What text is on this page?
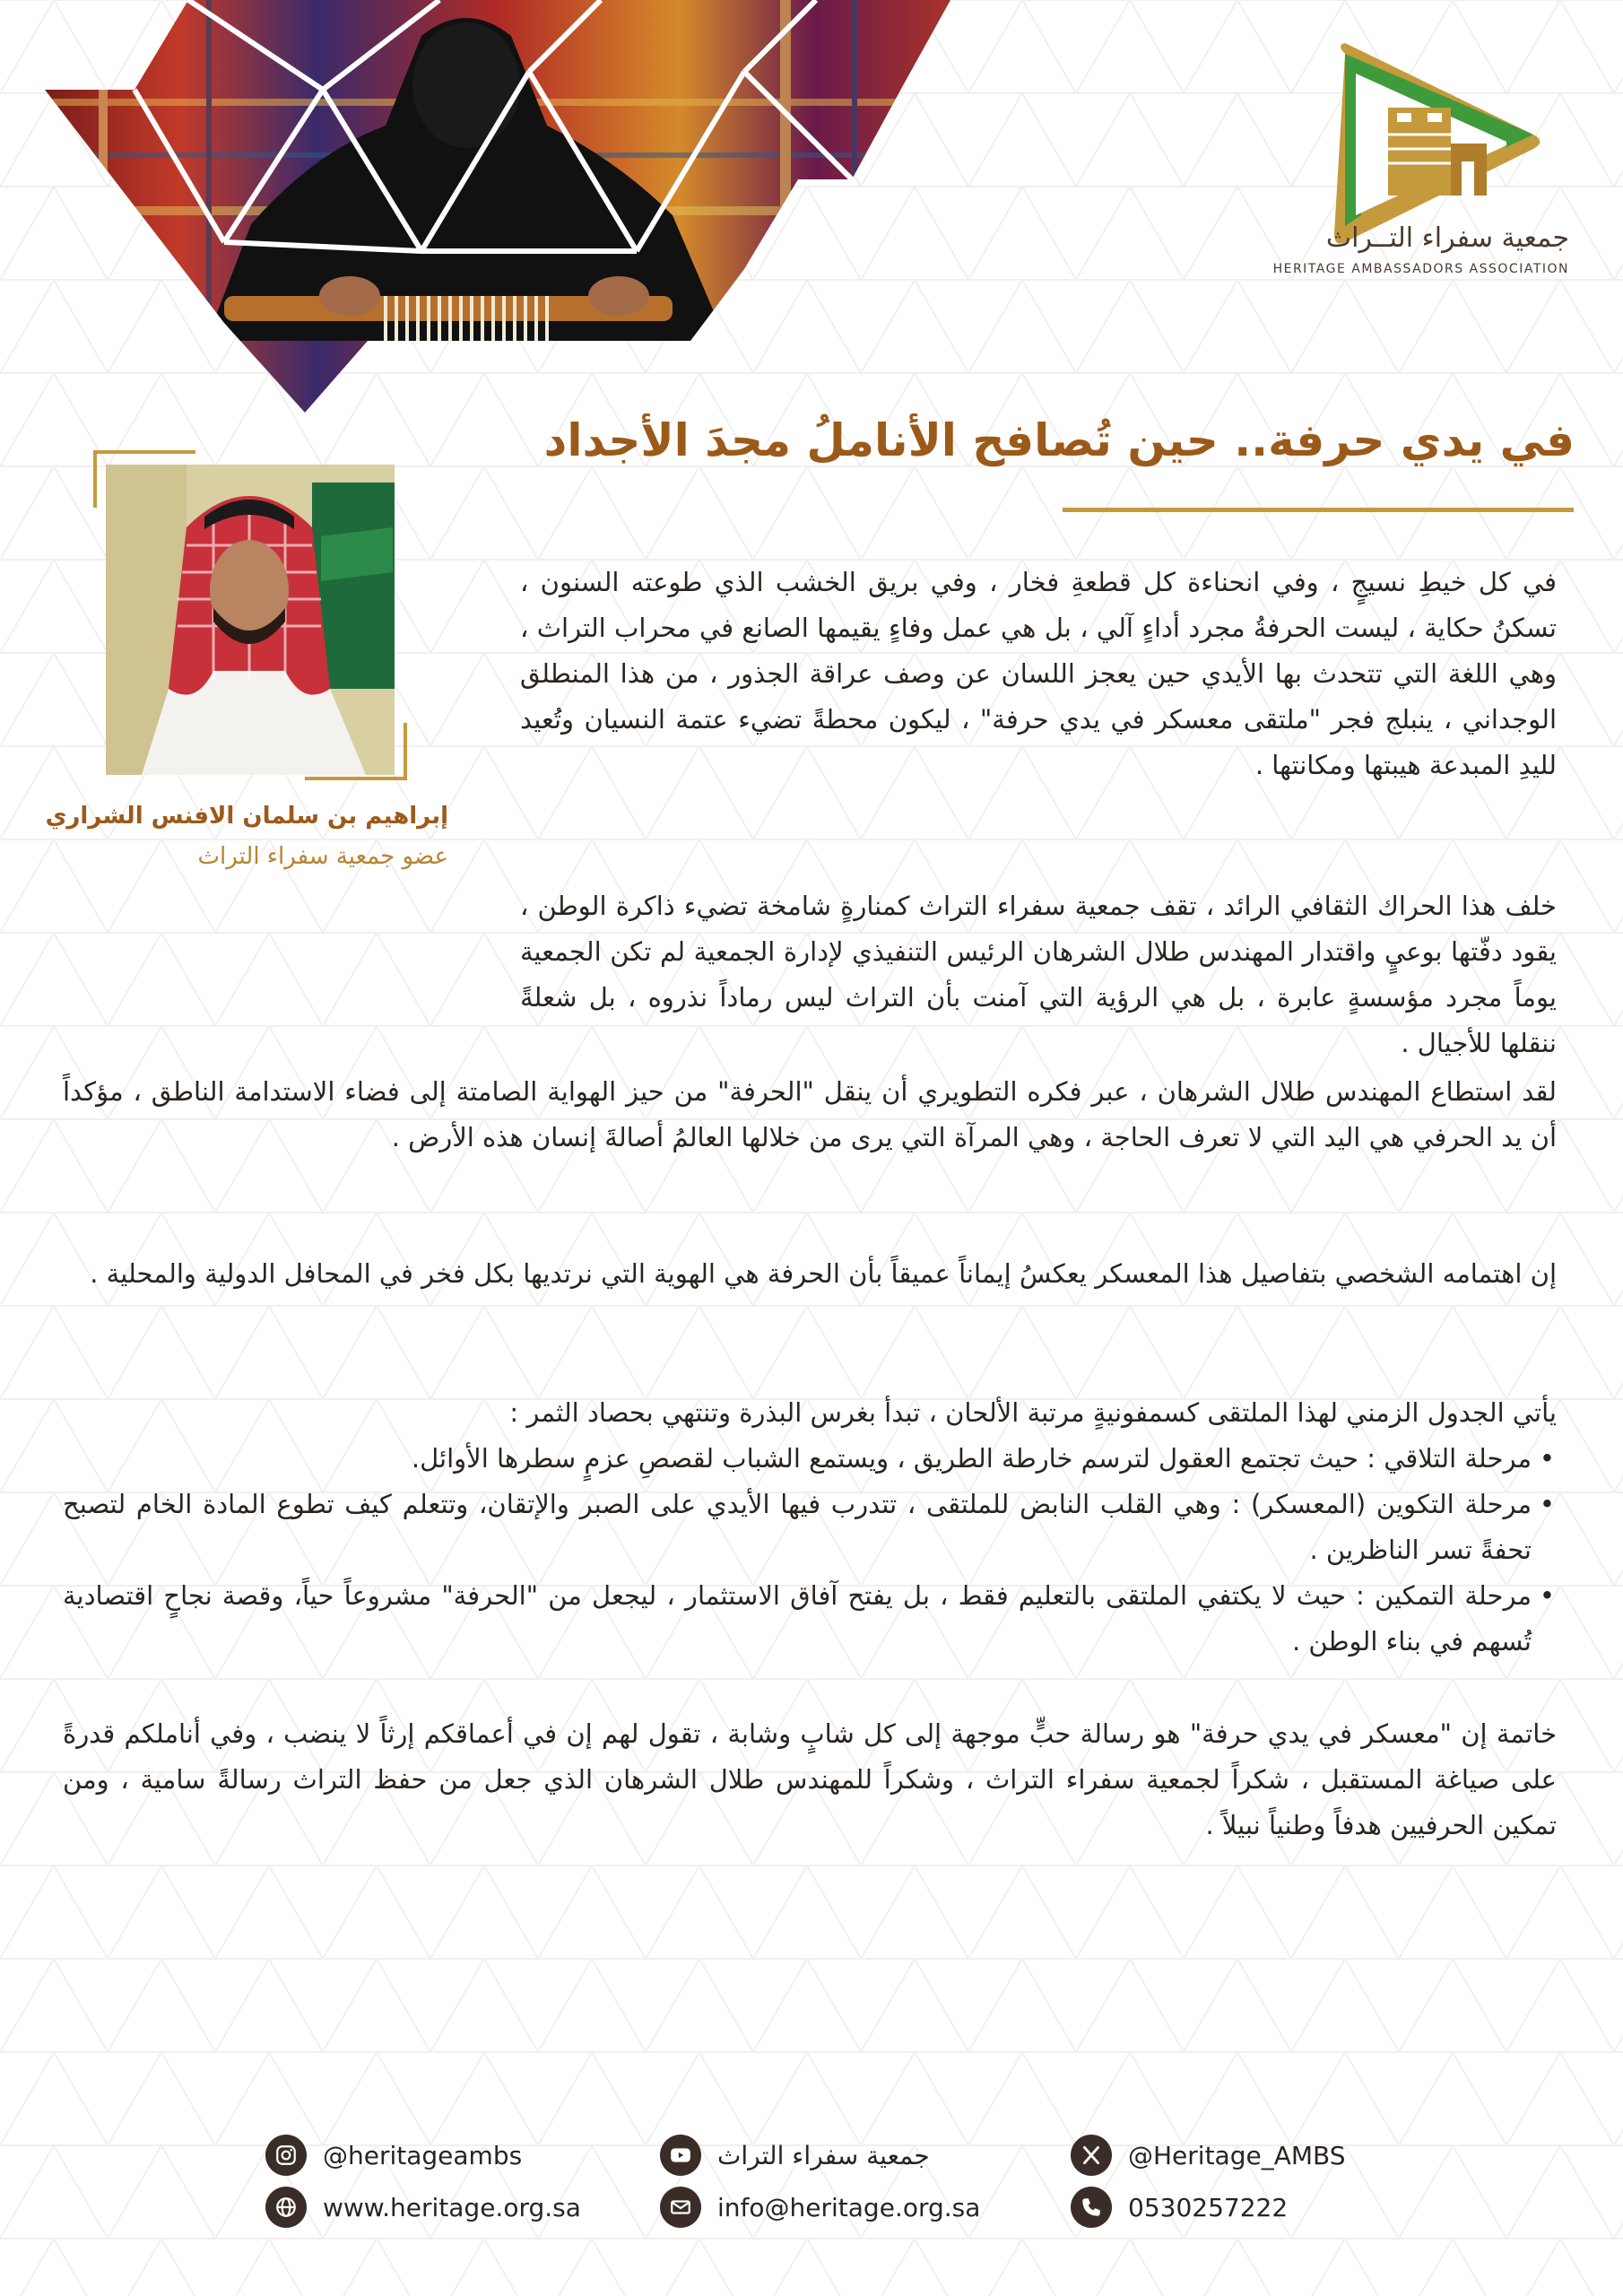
جمعية سفراء التــراث
HERITAGE AMBASSADORS ASSOCIATION
في يدي حرفة.. حين تُصافح الأناملُ مجدَ الأجداد
إبراهيم بن سلمان الافنس الشراري
عضو جمعية سفراء التراث

في كل خيطِ نسيجٍ ، وفي انحناءة كل قطعةِ فخار ، وفي بريق الخشب الذي طوعته السنون ، تسكنُ حكاية ، ليست الحرفةُ مجرد أداءٍ آلي ، بل هي عمل وفاءٍ يقيمها الصانع في محراب التراث ، وهي اللغة التي تتحدث بها الأيدي حين يعجز اللسان عن وصف عراقة الجذور ، من هذا المنطلق الوجداني ، ينبلج فجر "ملتقى معسكر في يدي حرفة" ، ليكون محطةً تضيء عتمة النسيان وتُعيد لليدِ المبدعة هيبتها ومكانتها .

خلف هذا الحراك الثقافي الرائد ، تقف جمعية سفراء التراث كمنارةٍ شامخة تضيء ذاكرة الوطن ، يقود دفّتها بوعيٍ واقتدار المهندس طلال الشرهان الرئيس التنفيذي لإدارة الجمعية لم تكن الجمعية يوماً مجرد مؤسسةٍ عابرة ، بل هي الرؤية التي آمنت بأن التراث ليس رماداً نذروه ، بل شعلةً ننقلها للأجيال .

لقد استطاع المهندس طلال الشرهان ، عبر فكره التطويري أن ينقل "الحرفة" من حيز الهواية الصامتة إلى فضاء الاستدامة الناطق ، مؤكداً أن يد الحرفي هي اليد التي لا تعرف الحاجة ، وهي المرآة التي يرى من خلالها العالمُ أصالةَ إنسان هذه الأرض .

إن اهتمامه الشخصي بتفاصيل هذا المعسكر يعكسُ إيماناً عميقاً بأن الحرفة هي الهوية التي نرتديها بكل فخر في المحافل الدولية والمحلية .

يأتي الجدول الزمني لهذا الملتقى كسمفونيةٍ مرتبة الألحان ، تبدأ بغرس البذرة وتنتهي بحصاد الثمر :

• مرحلة التلاقي : حيث تجتمع العقول لترسم خارطة الطريق ، ويستمع الشباب لقصصِ عزمٍ سطرها الأوائل.
• مرحلة التكوين (المعسكر) : وهي القلب النابض للملتقى ، تتدرب فيها الأيدي على الصبر والإتقان، وتتعلم كيف تطوع المادة الخام لتصبح تحفةً تسر الناظرين .
• مرحلة التمكين : حيث لا يكتفي الملتقى بالتعليم فقط ، بل يفتح آفاق الاستثمار ، ليجعل من "الحرفة" مشروعاً حياً، وقصة نجاحٍ اقتصادية تُسهم في بناء الوطن .

خاتمة إن "معسكر في يدي حرفة" هو رسالة حبٍّ موجهة إلى كل شابٍ وشابة ، تقول لهم إن في أعماقكم إرثاً لا ينضب ، وفي أناملكم قدرةً على صياغة المستقبل ، شكراً لجمعية سفراء التراث ، وشكراً للمهندس طلال الشرهان الذي جعل من حفظ التراث رسالةً سامية ، ومن تمكين الحرفيين هدفاً وطنياً نبيلاً .

@heritageambs
www.heritage.org.sa
جمعية سفراء التراث
info@heritage.org.sa
@Heritage_AMBS
0530257222
